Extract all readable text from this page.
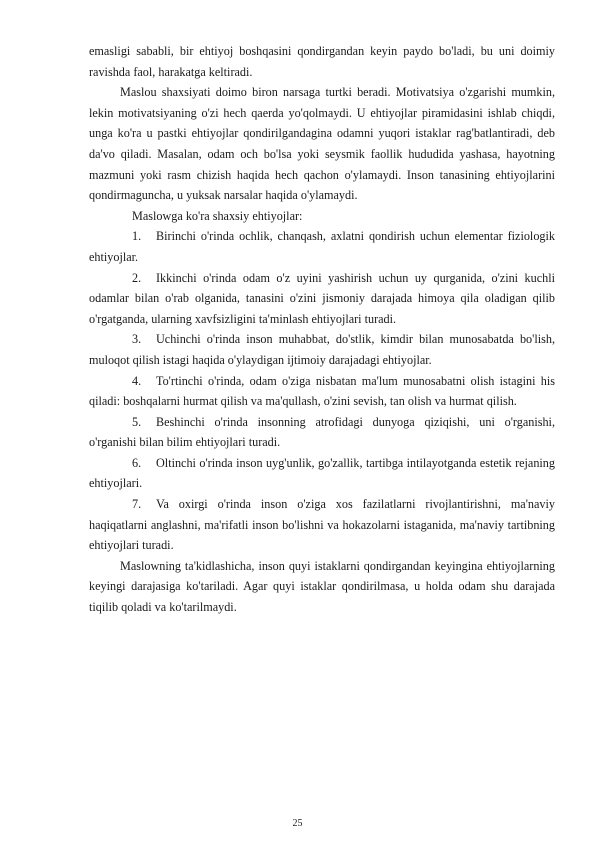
emasligi sababli, bir ehtiyoj boshqasini qondirgandan keyin paydo bo'ladi, bu uni doimiy ravishda faol, harakatga keltiradi.

Maslou shaxsiyati doimo biron narsaga turtki beradi. Motivatsiya o'zgarishi mumkin, lekin motivatsiyaning o'zi hech qaerda yo'qolmaydi. U ehtiyojlar piramidasini ishlab chiqdi, unga ko'ra u pastki ehtiyojlar qondirilgandagina odamni yuqori istaklar rag'batlantiradi, deb da'vo qiladi. Masalan, odam och bo'lsa yoki seysmik faollik hududida yashasa, hayotning mazmuni yoki rasm chizish haqida hech qachon o'ylamaydi. Inson tanasining ehtiyojlarini qondirmaguncha, u yuksak narsalar haqida o'ylamaydi.

Maslowga ko'ra shaxsiy ehtiyojlar:

1. Birinchi o'rinda ochlik, chanqash, axlatni qondirish uchun elementar fiziologik ehtiyojlar.

2. Ikkinchi o'rinda odam o'z uyini yashirish uchun uy qurganida, o'zini kuchli odamlar bilan o'rab olganida, tanasini o'zini jismoniy darajada himoya qila oladigan qilib o'rgatganda, ularning xavfsizligini ta'minlash ehtiyojlari turadi.

3. Uchinchi o'rinda inson muhabbat, do'stlik, kimdir bilan munosabatda bo'lish, muloqot qilish istagi haqida o'ylaydigan ijtimoiy darajadagi ehtiyojlar.

4. To'rtinchi o'rinda, odam o'ziga nisbatan ma'lum munosabatni olish istagini his qiladi: boshqalarni hurmat qilish va ma'qullash, o'zini sevish, tan olish va hurmat qilish.

5. Beshinchi o'rinda insonning atrofidagi dunyoga qiziqishi, uni o'rganishi, o'rganishi bilan bilim ehtiyojlari turadi.

6. Oltinchi o'rinda inson uyg'unlik, go'zallik, tartibga intilayotganda estetik rejaning ehtiyojlari.

7. Va oxirgi o'rinda inson o'ziga xos fazilatlarni rivojlantirishni, ma'naviy haqiqatlarni anglashni, ma'rifatli inson bo'lishni va hokazolarni istaganida, ma'naviy tartibning ehtiyojlari turadi.

Maslowning ta'kidlashicha, inson quyi istaklarni qondirgandan keyingina ehtiyojlarning keyingi darajasiga ko'tariladi. Agar quyi istaklar qondirilmasa, u holda odam shu darajada tiqilib qoladi va ko'tarilmaydi.

25
